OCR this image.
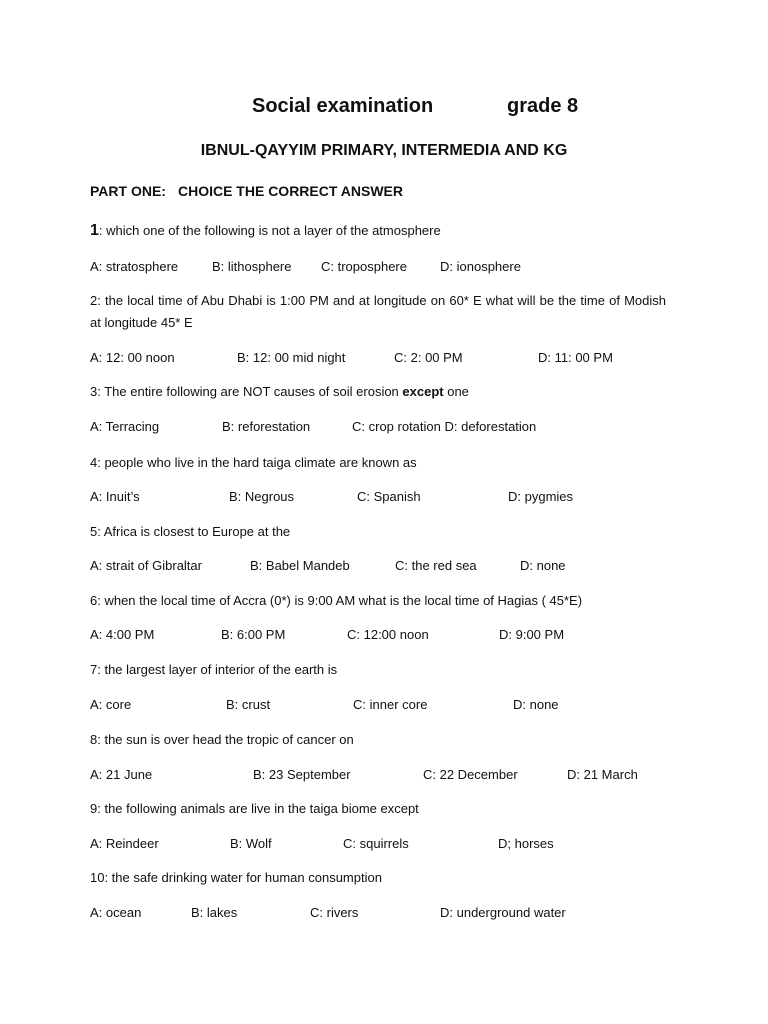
Social examination	grade 8
IBNUL-QAYYIM PRIMARY, INTERMEDIA AND KG
PART ONE: CHOICE THE CORRECT ANSWER
1: which one of the following is not a layer of the atmosphere
A: stratosphere	B: lithosphere C: troposphere	D: ionosphere
2: the local time of Abu Dhabi is 1:00 PM and at longitude on 60* E what will be the time of Modish at longitude 45* E
A: 12: 00 noon	B: 12: 00 mid night	C: 2: 00 PM	D: 11: 00 PM
3: The entire following are NOT causes of soil erosion except one
A: Terracing	B: reforestation	C: crop rotation D: deforestation
4: people who live in the hard taiga climate are known as
A: Inuit’s	B: Negrous	C: Spanish	D: pygmies
5: Africa is closest to Europe at the
A: strait of Gibraltar	B: Babel Mandeb	C: the red sea	D: none
6: when the local time of Accra (0*) is 9:00 AM what is the local time of Hagias ( 45*E)
A: 4:00 PM	B: 6:00 PM	C: 12:00 noon	D: 9:00 PM
7: the largest layer of interior of the earth is
A: core	B: crust	C: inner core	D: none
8: the sun is over head the tropic of cancer on
A: 21 June	B: 23 September	C: 22 December	D: 21 March
9: the following animals are live in the taiga biome except
A: Reindeer	B: Wolf	C: squirrels	D; horses
10: the safe drinking water for human consumption
A: ocean	B: lakes	C: rivers	D: underground water
